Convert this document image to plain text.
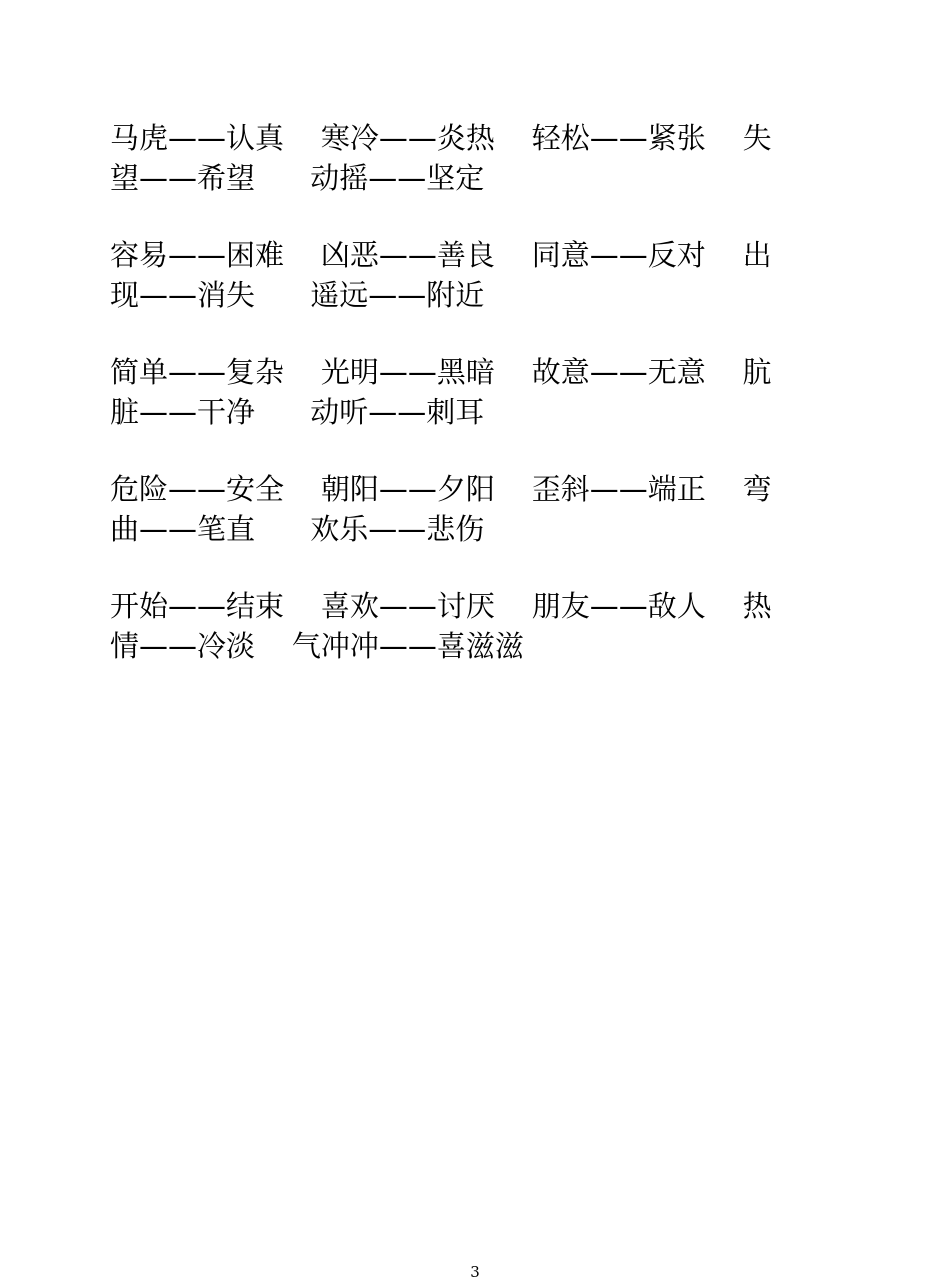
马虎——认真    寒冷——炎热    轻松——紧张    失
望——希望      动摇——坚定
容易——困难    凶恶——善良    同意——反对    出
现——消失      遥远——附近
简单——复杂    光明——黑暗    故意——无意    肮
脏——干净      动听——刺耳
危险——安全    朝阳——夕阳    歪斜——端正    弯
曲——笔直      欢乐——悲伤
开始——结束    喜欢——讨厌    朋友——敌人    热
情——冷淡    气冲冲——喜滋滋
3
